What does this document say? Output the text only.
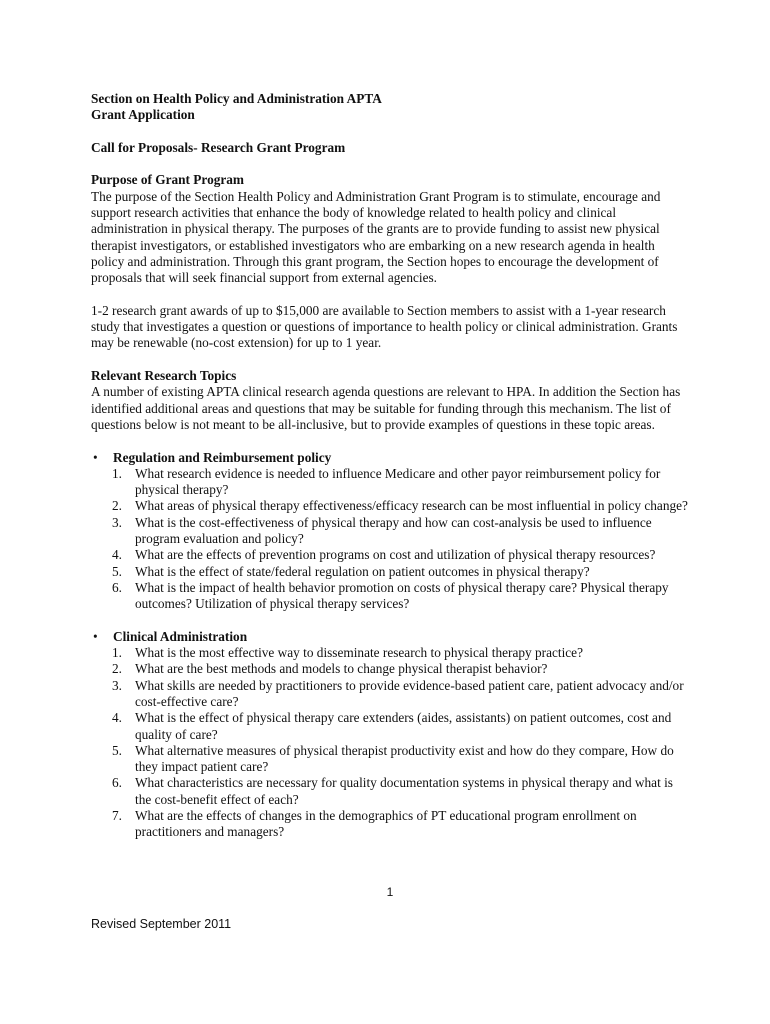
Section on Health Policy and Administration APTA

Grant Application

Call for Proposals- Research Grant Program

Purpose of Grant Program

The purpose of the Section Health Policy and Administration Grant Program is to stimulate, encourage and support research activities that enhance the body of knowledge related to health policy and clinical administration in physical therapy. The purposes of the grants are to provide funding to assist new physical therapist investigators, or established investigators who are embarking on a new research agenda in health policy and administration. Through this grant program, the Section hopes to encourage the development of proposals that will seek financial support from external agencies.

1-2 research grant awards of up to $15,000 are available to Section members to assist with a 1-year research study that investigates a question or questions of importance to health policy or clinical administration. Grants may be renewable (no-cost extension) for up to 1 year.

Relevant Research Topics

A number of existing APTA clinical research agenda questions are relevant to HPA. In addition the Section has identified additional areas and questions that may be suitable for funding through this mechanism. The list of questions below is not meant to be all-inclusive, but to provide examples of questions in these topic areas.

• Regulation and Reimbursement policy
1. What research evidence is needed to influence Medicare and other payor reimbursement policy for physical therapy?
2. What areas of physical therapy effectiveness/efficacy research can be most influential in policy change?
3. What is the cost-effectiveness of physical therapy and how can cost-analysis be used to influence program evaluation and policy?
4. What are the effects of prevention programs on cost and utilization of physical therapy resources?
5. What is the effect of state/federal regulation on patient outcomes in physical therapy?
6. What is the impact of health behavior promotion on costs of physical therapy care? Physical therapy outcomes? Utilization of physical therapy services?
• Clinical Administration
1. What is the most effective way to disseminate research to physical therapy practice?
2. What are the best methods and models to change physical therapist behavior?
3. What skills are needed by practitioners to provide evidence-based patient care, patient advocacy and/or cost-effective care?
4. What is the effect of physical therapy care extenders (aides, assistants) on patient outcomes, cost and quality of care?
5. What alternative measures of physical therapist productivity exist and how do they compare, How do they impact patient care?
6. What characteristics are necessary for quality documentation systems in physical therapy and what is the cost-benefit effect of each?
7. What are the effects of changes in the demographics of PT educational program enrollment on practitioners and managers?
1
Revised September 2011
